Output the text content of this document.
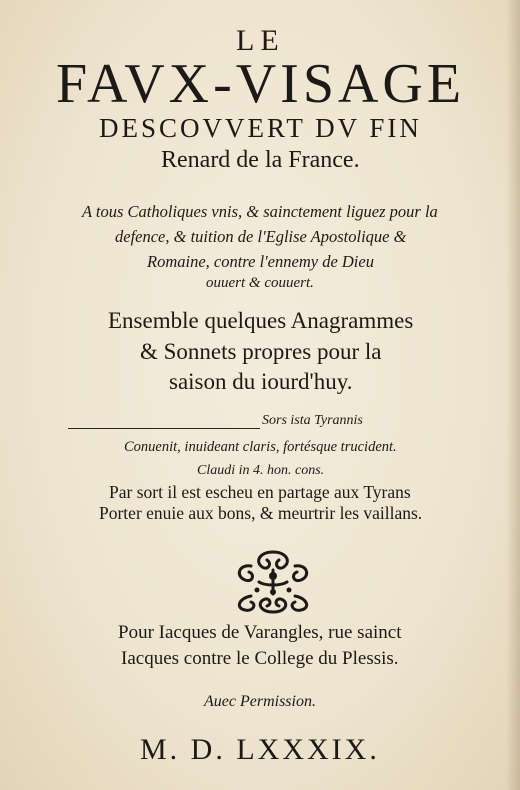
LE
FAVX-VISAGE
DESCOVVERT DV FIN
Renard de la France.
A tous Catholiques vnis, & sainctement liguez pour la
defence, & tuition de l'Eglise Apostolique &
Romaine, contre l'ennemy de Dieu
ouuert & couuert.
Ensemble quelques Anagrammes
& Sonnets propres pour la
saison du iourd'huy.
Sors ista Tyrannis
Conuenit, inuideant claris, fortésque trucident.
Claudi in 4. hon. cons.
Par sort il est escheu en partage aux Tyrans
Porter enuie aux bons, & meurtrir les vaillans.
Pour Iacques de Varangles, rue sainct
Iacques contre le College du Plessis.
Auec Permission.
M. D. LXXXIX.
